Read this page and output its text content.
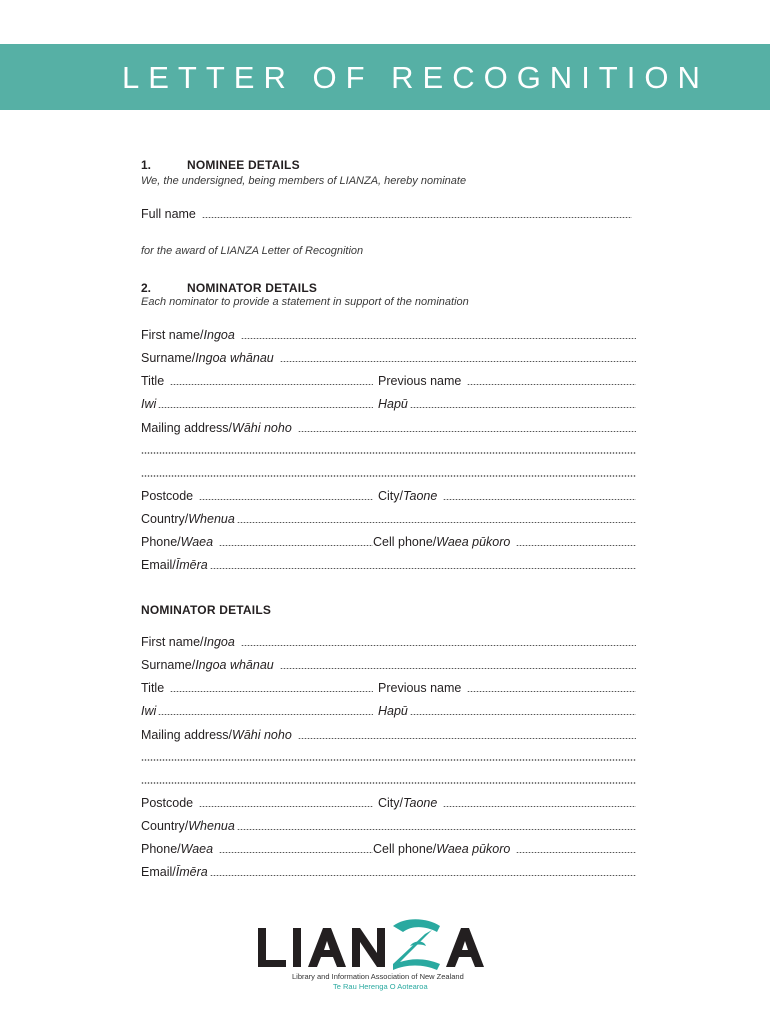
LETTER OF RECOGNITION
1.	NOMINEE DETAILS
We, the undersigned, being members of LIANZA, hereby nominate
Full name
for the award of LIANZA Letter of Recognition
2.	NOMINATOR DETAILS
Each nominator to provide a statement in support of the nomination
First name/Ingoa
Surname/Ingoa whānau
Title	Previous name
Iwi	Hapū
Mailing address/Wāhi noho
Postcode	City/Taone
Country/Whenua
Phone/Waea	Cell phone/Waea pūkoro
Email/Īmēra
NOMINATOR DETAILS
First name/Ingoa
Surname/Ingoa whānau
Title	Previous name
Iwi	Hapū
Mailing address/Wāhi noho
Postcode	City/Taone
Country/Whenua
Phone/Waea	Cell phone/Waea pūkoro
Email/Īmēra
Library and Information Association of New Zealand
Te Rau Herenga O Aotearoa
